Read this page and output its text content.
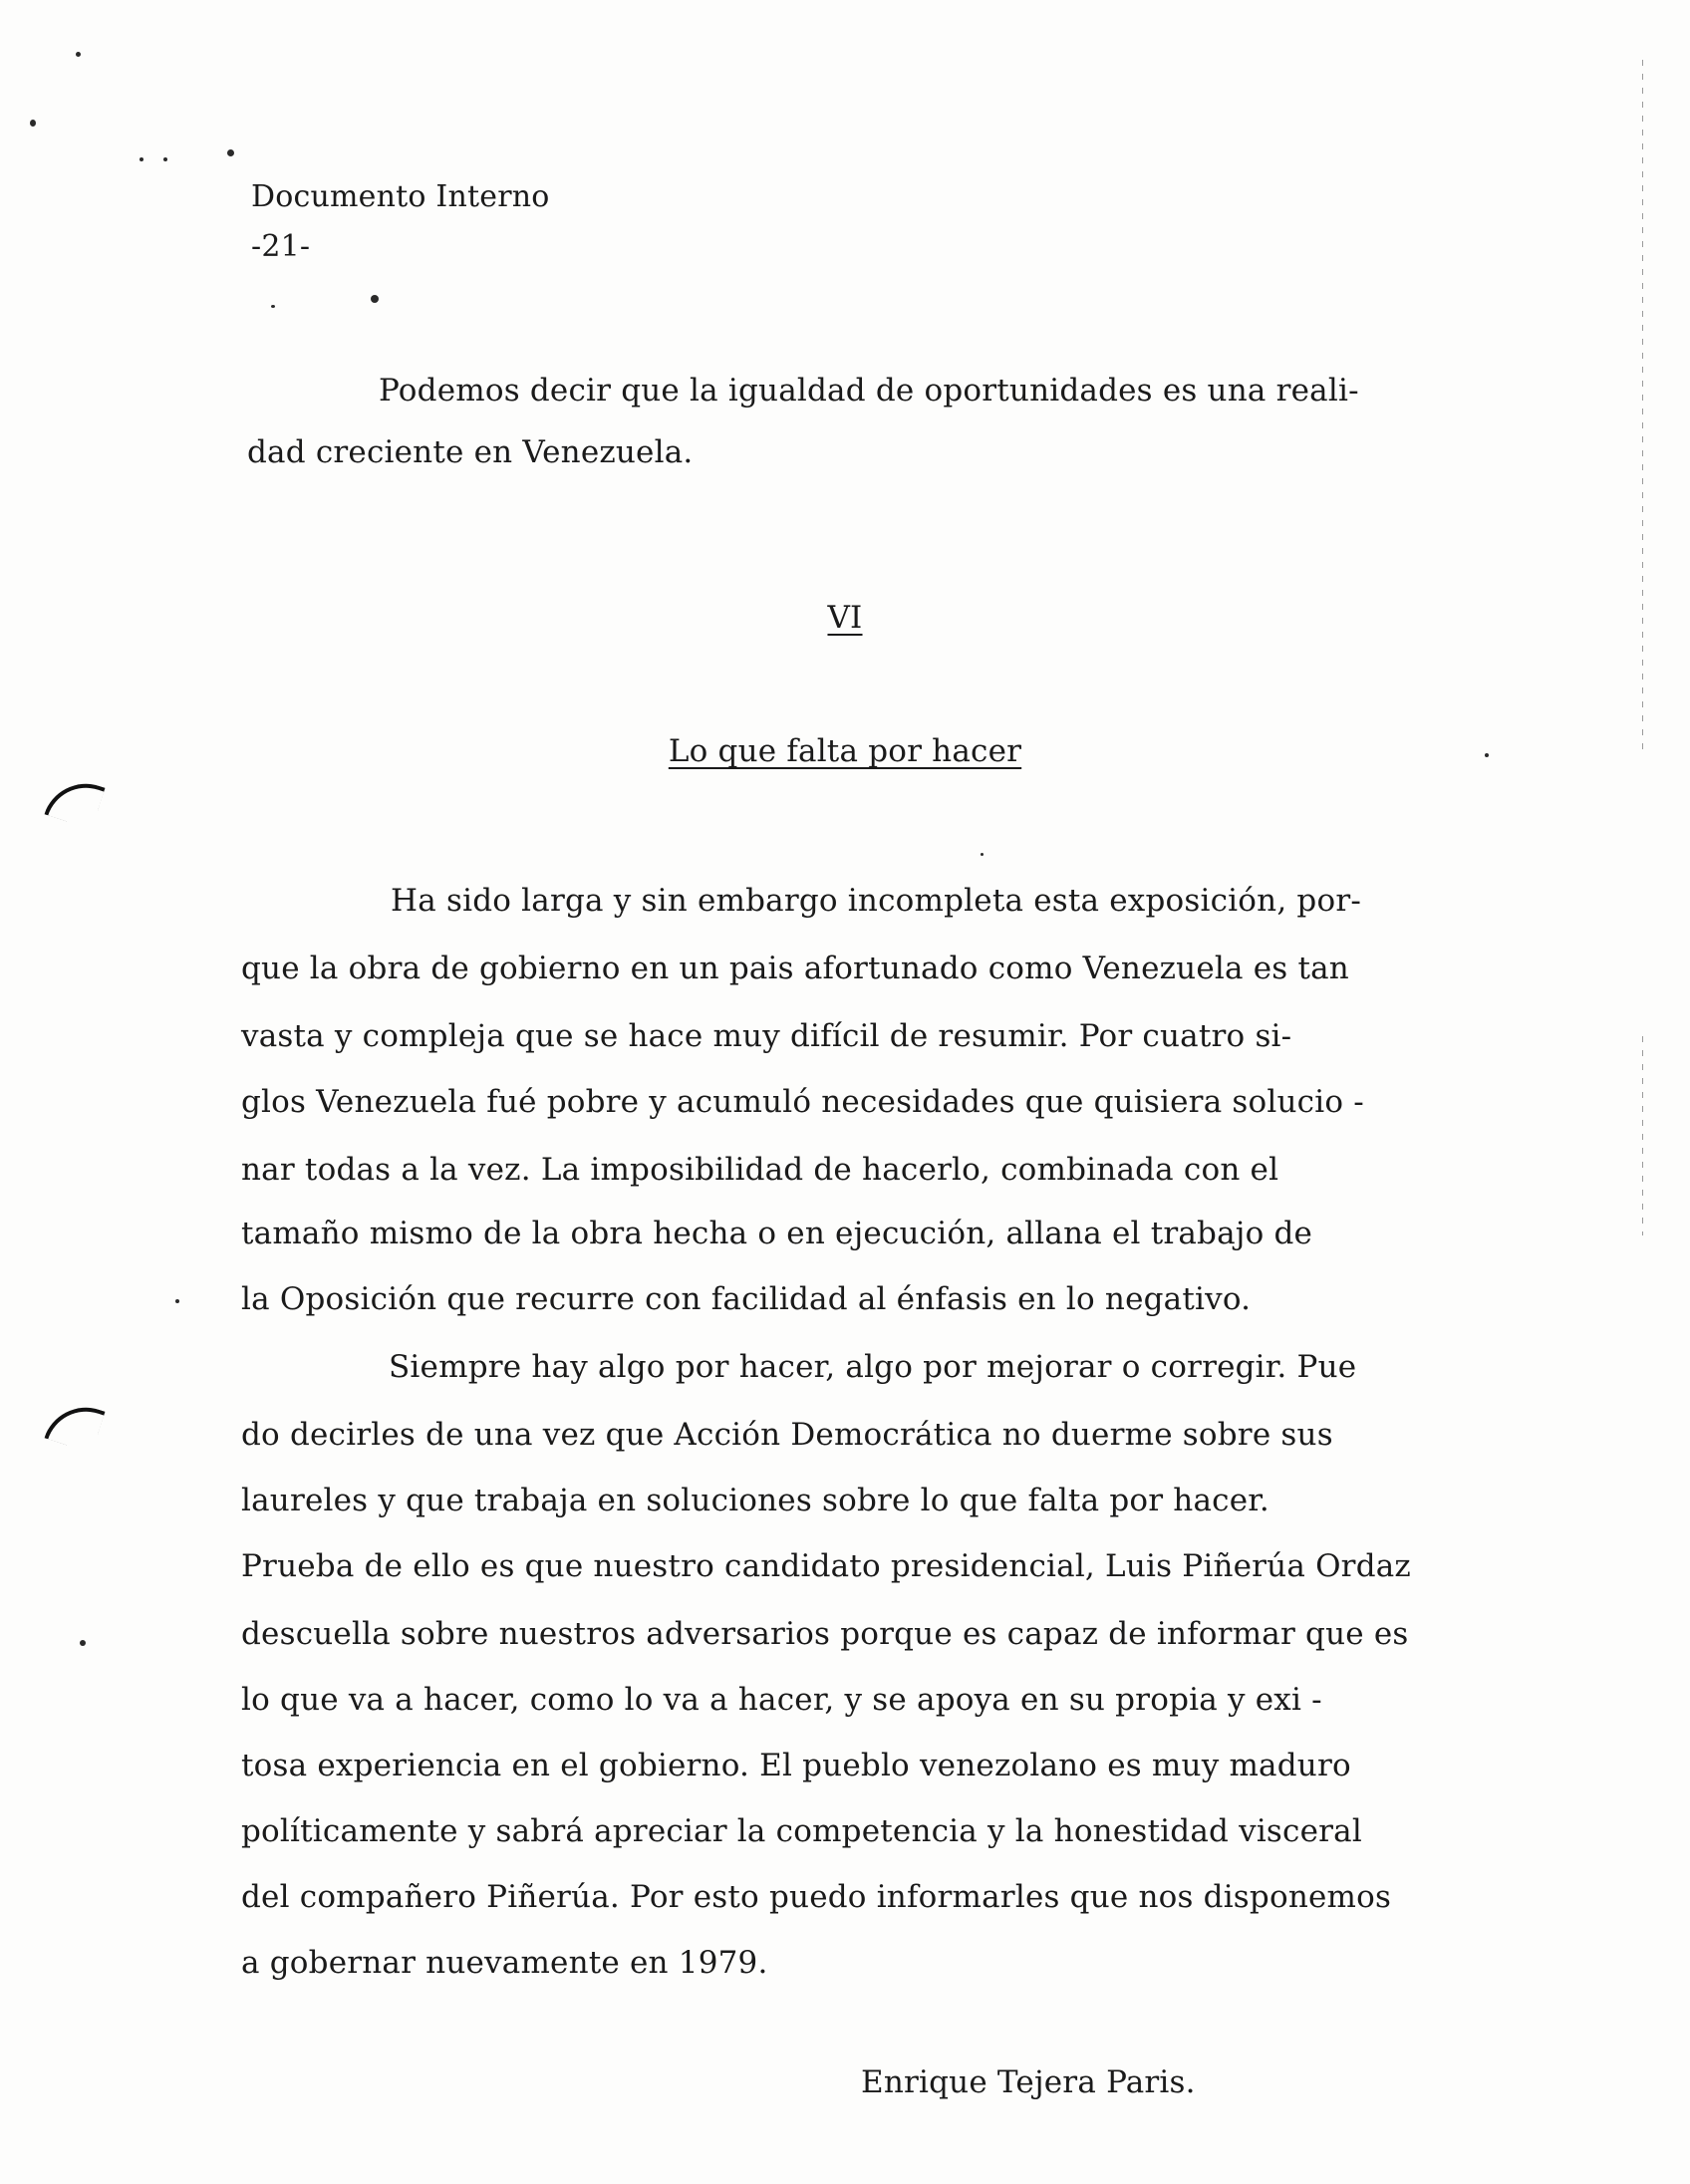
Documento Interno
-21-
Podemos decir que la igualdad de oportunidades es una reali-
dad creciente en Venezuela.
VI
Lo que falta por hacer
Ha sido larga y sin embargo incompleta esta exposición, por-
que la obra de gobierno en un pais afortunado como Venezuela es tan
vasta y compleja que se hace muy difícil de resumir. Por cuatro si-
glos Venezuela fué pobre y acumuló necesidades que quisiera solucio -
nar todas a la vez. La imposibilidad de hacerlo, combinada con el
tamaño mismo de la obra hecha o en ejecución, allana el trabajo de
la Oposición que recurre con facilidad al énfasis en lo negativo.
Siempre hay algo por hacer, algo por mejorar o corregir. Pue
do decirles de una vez que Acción Democrática no duerme sobre sus
laureles y que trabaja en soluciones sobre lo que falta por hacer.
Prueba de ello es que nuestro candidato presidencial, Luis Piñerúa Ordaz
descuella sobre nuestros adversarios porque es capaz de informar que es
lo que va a hacer, como lo va a hacer, y se apoya en su propia y exi -
tosa experiencia en el gobierno. El pueblo venezolano es muy maduro
políticamente y sabrá apreciar la competencia y la honestidad visceral
del compañero Piñerúa. Por esto puedo informarles que nos disponemos
a gobernar nuevamente en 1979.
Enrique Tejera Paris.
